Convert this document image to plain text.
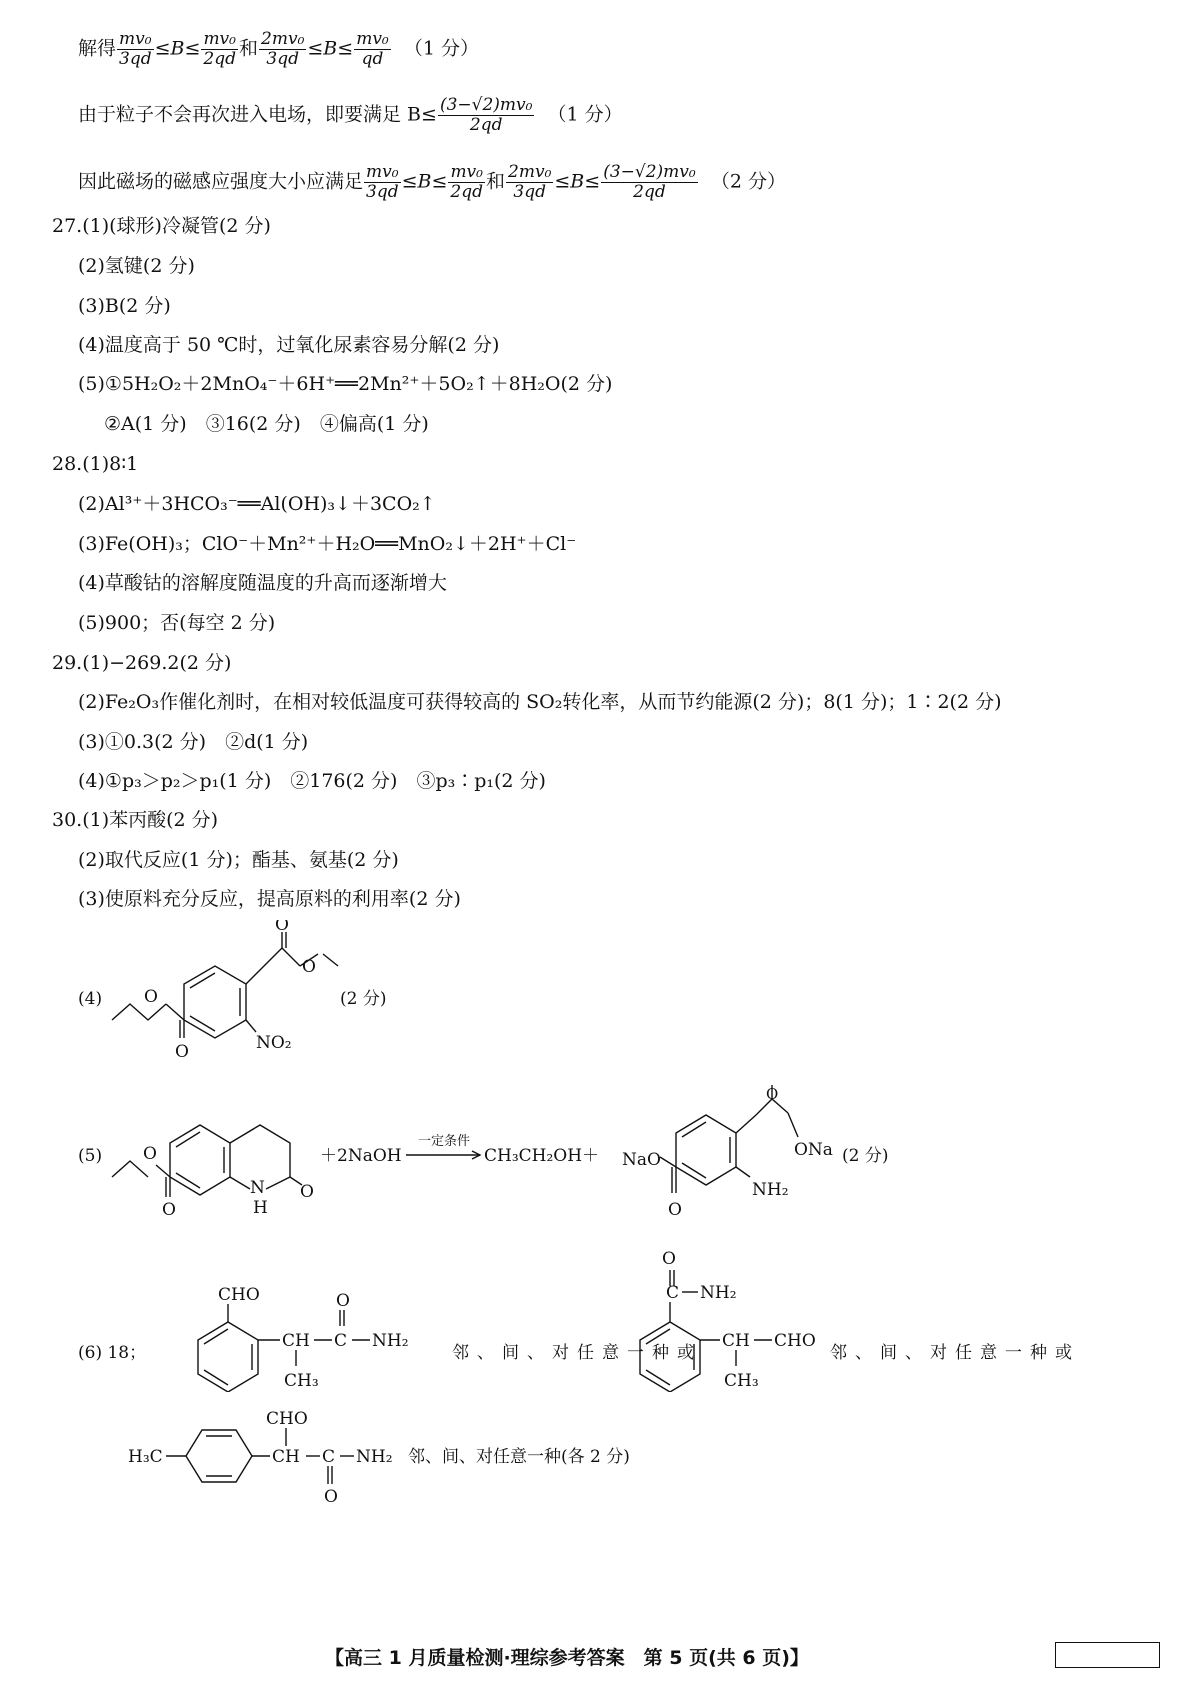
解得 $\frac{\text{mv₀}}{3qd} \le B\le \frac{\text{mv₀}}{2qd}$ 和 $\frac{\text{2mv₀}}{3qd} \le B\le \frac{\text{mv₀}}{qd} (1$ 分）
由于粒子不会再次进入电场，即要满足 $B\le \frac{\text{(3−√2)mv₀}}{2qd} (1$ 分）
因此磁场的磁感应强度大小应满足 $\frac{\text{mv₀}}{3qd} \le B\le \frac{\text{mv₀}}{2qd}$ 和 $\frac{\text{2mv₀}}{3qd} \le B\le \frac{\text{(3−√2)mv₀}}{2qd} (2$ 分）
27.(1)(球形)冷凝管(2 分)
(2)氢键(2 分)
(3)B(2 分)
(4)温度高于 50 ℃时，过氧化尿素容易分解(2 分)
(5)①5H₂O₂＋2MnO₄⁻＋6H⁺══2Mn²⁺＋5O₂↑＋8H₂O(2 分)
②A(1 分)　③16(2 分)　④偏高(1 分)
28.(1)8∶1
(2)Al³⁺＋3HCO₃⁻══Al(OH)₃↓＋3CO₂↑
(3)Fe(OH)₃；ClO⁻＋Mn²⁺＋H₂O══MnO₂↓＋2H⁺＋Cl⁻
(4)草酸钴的溶解度随温度的升高而逐渐增大
(5)900；否(每空 2 分)
29.(1)−269.2(2 分)
(2)Fe₂O₃作催化剂时，在相对较低温度可获得较高的 SO₂转化率，从而节约能源(2 分)；8(1 分)；1∶2(2 分)
(3)①0.3(2 分)　②d(1 分)
(4)①p₃＞p₂＞p₁(1 分)　②176(2 分)　③p₃∶p₁(2 分)
30.(1)苯丙酸(2 分)
(2)取代反应(1 分)；酯基、氨基(2 分)
(3)使原料充分反应，提高原料的利用率(2 分)
(4) O
O
O
O
NO₂
(2 分)
(5) O
O
N
H
O
＋2NaOH
一定条件
CH₃CH₂OH＋ NaO
O
O
ONa
NH₂
(2 分)
(6) 18；
CHO
CH C
O
NH₂
CH₃
邻、间、对任意一种或
O
C NH₂
CH CHO
CH₃
邻、间、对任意一种或
H₃C	CH
CHO
C
O
NH₂ 邻、间、对任意一种(各 2 分)
【高三 1 月质量检测·理综参考答案　第 5 页(共 6 页)】
